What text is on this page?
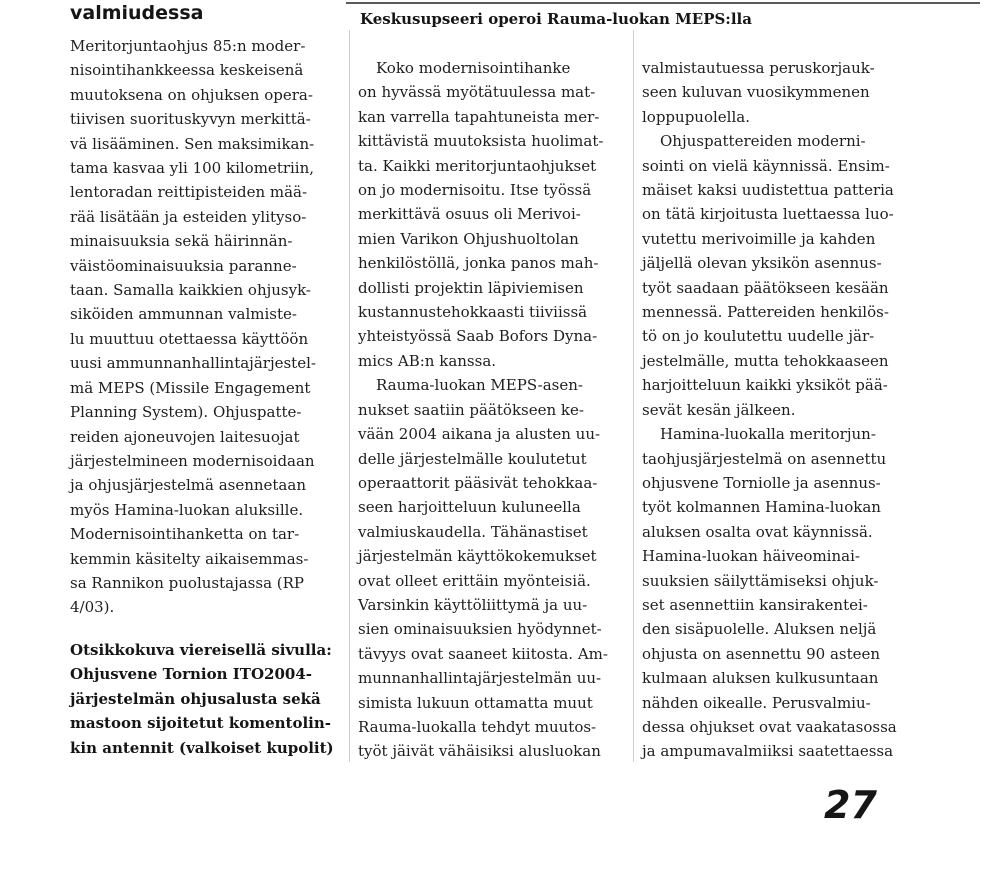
valmiudessa	Keskusupseeri operoi Rauma-luokan MEPS:lla

Meritorjuntaohjus 85:n moder-
nisointihankkeessa keskeisenä
muutoksena on ohjuksen opera-
tiivisen suorituskyvyn merkittä-
vä lisääminen. Sen maksimikan-
tama kasvaa yli 100 kilometriin,
lentoradan reittipisteiden mää-
rää lisätään ja esteiden ylityso-
minaisuuksia sekä häirinnän-
väistöominaisuuksia paranne-
taan. Samalla kaikkien ohjusyk-
siköiden ammunnan valmiste-
lu muuttuu otettaessa käyttöön
uusi ammunnanhallintajärjestel-
mä MEPS (Missile Engagement
Planning System). Ohjuspatte-
reiden ajoneuvojen laitesuojat
järjestelmineen modernisoidaan
ja ohjusjärjestelmä asennetaan
myös Hamina-luokan aluksille.
Modernisointihanketta on tar-
kemmin käsitelty aikaisemmas-
sa Rannikon puolustajassa (RP
4/03).

Otsikkokuva viereisellä sivulla:
Ohjusvene Tornion ITO2004-
järjestelmän ohjusalusta sekä
mastoon sijoitetut komentolin-
kin antennit (valkoiset kupolit)

Koko modernisointihanke
on hyvässä myötätuulessa mat-
kan varrella tapahtuneista mer-
kittävistä muutoksista huolimat-
ta. Kaikki meritorjuntaohjukset
on jo modernisoitu. Itse työssä
merkittävä osuus oli Merivoi-
mien Varikon Ohjushuoltolan
henkilöstöllä, jonka panos mah-
dollisti projektin läpiviemisen
kustannustehokkaasti tiiviissä
yhteistyössä Saab Bofors Dyna-
mics AB:n kanssa.

Rauma-luokan MEPS-asen-
nukset saatiin päätökseen ke-
vään 2004 aikana ja alusten uu-
delle järjestelmälle koulutetut
operaattorit pääsivät tehokkaa-
seen harjoitteluun kuluneella
valmiuskaudella. Tähänastiset
järjestelmän käyttökokemukset
ovat olleet erittäin myönteisiä.
Varsinkin käyttöliittymä ja uu-
sien ominaisuuksien hyödynnet-
tävyys ovat saaneet kiitosta. Am-
munnanhallintajärjestelmän uu-
simista lukuun ottamatta muut
Rauma-luokalla tehdyt muutos-
työt jäivät vähäisiksi alusluokan

valmistautuessa peruskorjauk-
seen kuluvan vuosikymmenen
loppupuolella.

Ohjuspattereiden moderni-
sointi on vielä käynnissä. Ensim-
mäiset kaksi uudistettua patteria
on tätä kirjoitusta luettaessa luo-
vutettu merivoimille ja kahden
jäljellä olevan yksikön asennus-
työt saadaan päätökseen kesään
mennessä. Pattereiden henkilös-
tö on jo koulutettu uudelle jär-
jestelmälle, mutta tehokkaaseen
harjoitteluun kaikki yksiköt pää-
sevät kesän jälkeen.

Hamina-luokalla meritorjun-
taohjusjärjestelmä on asennettu
ohjusvene Torniolle ja asennus-
työt kolmannen Hamina-luokan
aluksen osalta ovat käynnissä.
Hamina-luokan häiveominai-
suuksien säilyttämiseksi ohjuk-
set asennettiin kansirakentei-
den sisäpuolelle. Aluksen neljä
ohjusta on asennettu 90 asteen
kulmaan aluksen kulkusuntaan
nähden oikealle. Perusvalmiu-
dessa ohjukset ovat vaakatasossa
ja ampumavalmiiksi saatettaessa

27
